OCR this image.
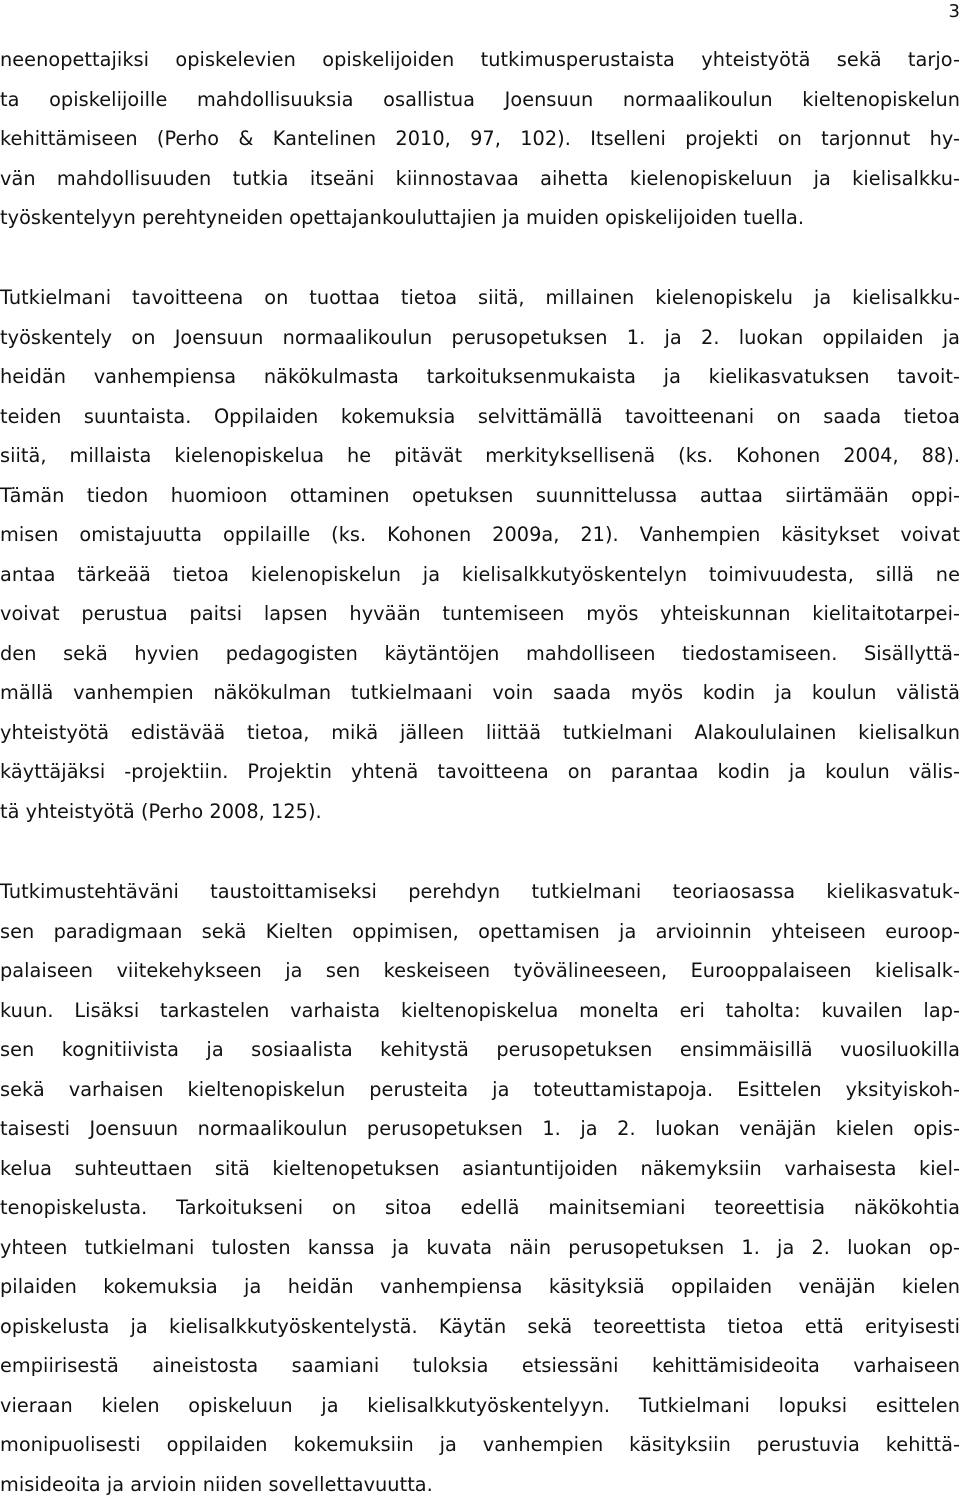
3
neenopettajiksi opiskelevien opiskelijoiden tutkimusperustaista yhteistyötä sekä tarjo-
ta opiskelijoille mahdollisuuksia osallistua Joensuun normaalikoulun kieltenopiskelun
kehittämiseen (Perho & Kantelinen 2010, 97, 102). Itselleni projekti on tarjonnut hy-
vän mahdollisuuden tutkia itseäni kiinnostavaa aihetta kielenopiskeluun ja kielisalkku-
työskentelyyn perehtyneiden opettajankouluttajien ja muiden opiskelijoiden tuella.
Tutkielmani tavoitteena on tuottaa tietoa siitä, millainen kielenopiskelu ja kielisalkku-
työskentely on Joensuun normaalikoulun perusopetuksen 1. ja 2. luokan oppilaiden ja
heidän vanhempiensa näkökulmasta tarkoituksenmukaista ja kielikasvatuksen tavoit-
teiden suuntaista. Oppilaiden kokemuksia selvittämällä tavoitteenani on saada tietoa
siitä, millaista kielenopiskelua he pitävät merkityksellisenä (ks. Kohonen 2004, 88).
Tämän tiedon huomioon ottaminen opetuksen suunnittelussa auttaa siirtämään oppi-
misen omistajuutta oppilaille (ks. Kohonen 2009a, 21). Vanhempien käsitykset voivat
antaa tärkeää tietoa kielenopiskelun ja kielisalkkutyöskentelyn toimivuudesta, sillä ne
voivat perustua paitsi lapsen hyvään tuntemiseen myös yhteiskunnan kielitaitotarpei-
den sekä hyvien pedagogisten käytäntöjen mahdolliseen tiedostamiseen. Sisällyttä-
mällä vanhempien näkökulman tutkielmaani voin saada myös kodin ja koulun välistä
yhteistyötä edistävää tietoa, mikä jälleen liittää tutkielmani Alakoululainen kielisalkun
käyttäjäksi -projektiin. Projektin yhtenä tavoitteena on parantaa kodin ja koulun välis-
tä yhteistyötä (Perho 2008, 125).
Tutkimustehtäväni taustoittamiseksi perehdyn tutkielmani teoriaosassa kielikasvatuk-
sen paradigmaan sekä Kielten oppimisen, opettamisen ja arvioinnin yhteiseen euroop-
palaiseen viitekehykseen ja sen keskeiseen työvälineeseen, Eurooppalaiseen kielisalk-
kuun. Lisäksi tarkastelen varhaista kieltenopiskelua monelta eri taholta: kuvailen lap-
sen kognitiivista ja sosiaalista kehitystä perusopetuksen ensimmäisillä vuosiluokilla
sekä varhaisen kieltenopiskelun perusteita ja toteuttamistapoja. Esittelen yksityiskoh-
taisesti Joensuun normaalikoulun perusopetuksen 1. ja 2. luokan venäjän kielen opis-
kelua suhteuttaen sitä kieltenopetuksen asiantuntijoiden näkemyksiin varhaisesta kiel-
tenopiskelusta. Tarkoitukseni on sitoa edellä mainitsemiani teoreettisia näkökohtia
yhteen tutkielmani tulosten kanssa ja kuvata näin perusopetuksen 1. ja 2. luokan op-
pilaiden kokemuksia ja heidän vanhempiensa käsityksiä oppilaiden venäjän kielen
opiskelusta ja kielisalkkutyöskentelystä. Käytän sekä teoreettista tietoa että erityisesti
empiirisestä aineistosta saamiani tuloksia etsiessäni kehittämisideoita varhaiseen
vieraan kielen opiskeluun ja kielisalkkutyöskentelyyn. Tutkielmani lopuksi esittelen
monipuolisesti oppilaiden kokemuksiin ja vanhempien käsityksiin perustuvia kehittä-
misideoita ja arvioin niiden sovellettavuutta.
